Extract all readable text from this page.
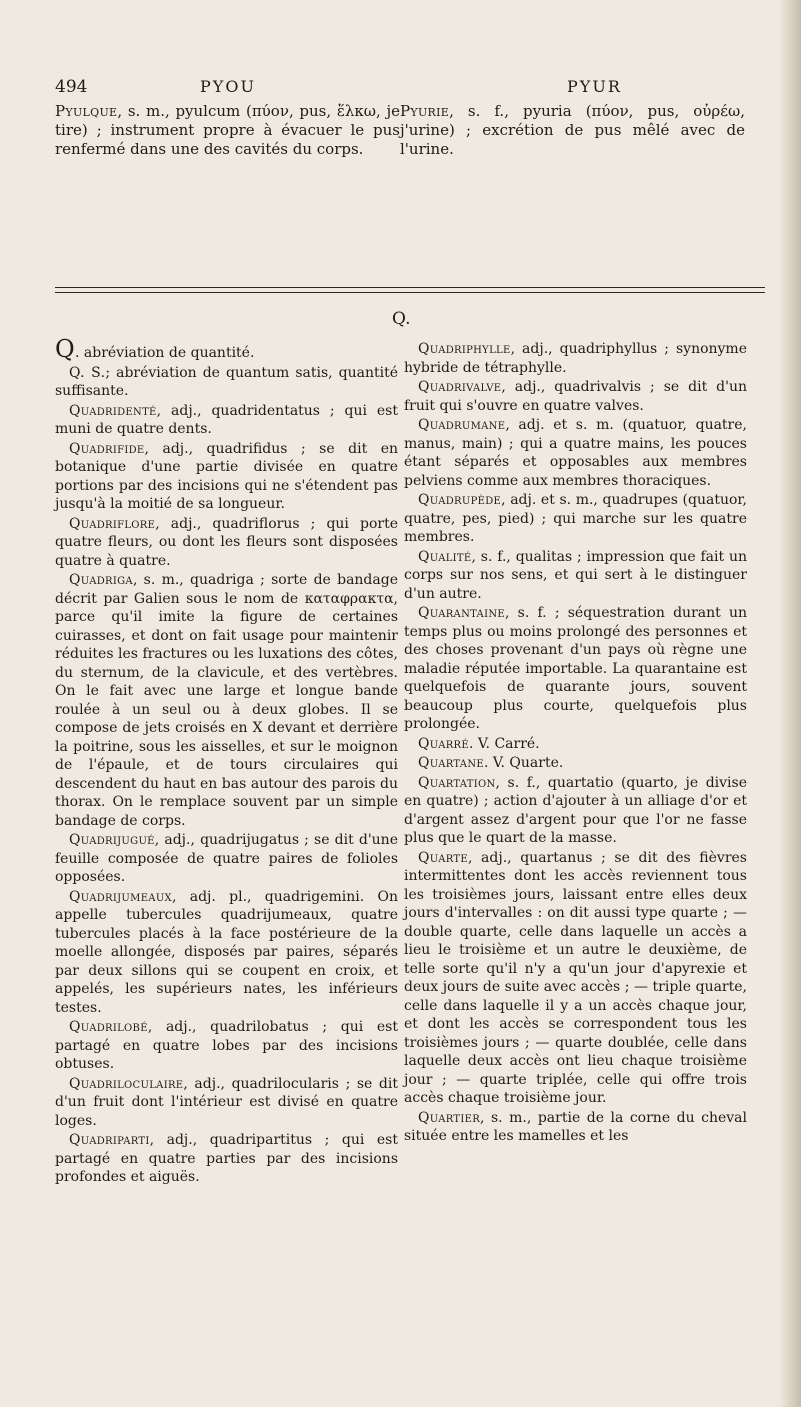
494	PYOU	PYUR
Pyulque, s. m., pyulcum (πύον, pus, ἕλκω, je tire) ; instrument propre à évacuer le pus renfermé dans une des cavités du corps.
Pyurie, s. f., pyuria (πύον, pus, οὐρέω, j'urine) ; excrétion de pus mêlé avec de l'urine.
Q.

Q. abréviation de quantité.

Q. S.; abréviation de quantum satis, quantité suffisante.

Quadridenté, adj., quadridentatus ; qui est muni de quatre dents.

Quadrifide, adj., quadrifidus ; se dit en botanique d'une partie divisée en quatre portions par des incisions qui ne s'étendent pas jusqu'à la moitié de sa longueur.

Quadriflore, adj., quadriflorus ; qui porte quatre fleurs, ou dont les fleurs sont disposées quatre à quatre.

Quadriga, s. m., quadriga ; sorte de bandage décrit par Galien sous le nom de καταφρακτα, parce qu'il imite la figure de certaines cuirasses, et dont on fait usage pour maintenir réduites les fractures ou les luxations des côtes, du sternum, de la clavicule, et des vertèbres. On le fait avec une large et longue bande roulée à un seul ou à deux globes. Il se compose de jets croisés en X devant et derrière la poitrine, sous les aisselles, et sur le moignon de l'épaule, et de tours circulaires qui descendent du haut en bas autour des parois du thorax. On le remplace souvent par un simple bandage de corps.

Quadrijugué, adj., quadrijugatus ; se dit d'une feuille composée de quatre paires de folioles opposées.

Quadrijumeaux, adj. pl., quadrigemini. On appelle tubercules quadrijumeaux, quatre tubercules placés à la face postérieure de la moelle allongée, disposés par paires, séparés par deux sillons qui se coupent en croix, et appelés, les supérieurs nates, les inférieurs testes.

Quadrilobé, adj., quadrilobatus ; qui est partagé en quatre lobes par des incisions obtuses.

Quadriloculaire, adj., quadrilocularis ; se dit d'un fruit dont l'intérieur est divisé en quatre loges.

Quadriparti, adj., quadripartitus ; qui est partagé en quatre parties par des incisions profondes et aiguës.

Quadriphylle, adj., quadriphyllus ; synonyme hybride de tétraphylle.

Quadrivalve, adj., quadrivalvis ; se dit d'un fruit qui s'ouvre en quatre valves.

Quadrumane, adj. et s. m. (quatuor, quatre, manus, main) ; qui a quatre mains, les pouces étant séparés et opposables aux membres pelviens comme aux membres thoraciques.

Quadrupède, adj. et s. m., quadrupes (quatuor, quatre, pes, pied) ; qui marche sur les quatre membres.

Qualité, s. f., qualitas ; impression que fait un corps sur nos sens, et qui sert à le distinguer d'un autre.

Quarantaine, s. f. ; séquestration durant un temps plus ou moins prolongé des personnes et des choses provenant d'un pays où règne une maladie réputée importable. La quarantaine est quelquefois de quarante jours, souvent beaucoup plus courte, quelquefois plus prolongée.

Quarré. V. Carré.

Quartane. V. Quarte.

Quartation, s. f., quartatio (quarto, je divise en quatre) ; action d'ajouter à un alliage d'or et d'argent assez d'argent pour que l'or ne fasse plus que le quart de la masse.

Quarte, adj., quartanus ; se dit des fièvres intermittentes dont les accès reviennent tous les troisièmes jours, laissant entre elles deux jours d'intervalles : on dit aussi type quarte ; — double quarte, celle dans laquelle un accès a lieu le troisième et un autre le deuxième, de telle sorte qu'il n'y a qu'un jour d'apyrexie et deux jours de suite avec accès ; — triple quarte, celle dans laquelle il y a un accès chaque jour, et dont les accès se correspondent tous les troisièmes jours ; — quarte doublée, celle dans laquelle deux accès ont lieu chaque troisième jour ; — quarte triplée, celle qui offre trois accès chaque troisième jour.

Quartier, s. m., partie de la corne du cheval située entre les mamelles et les
